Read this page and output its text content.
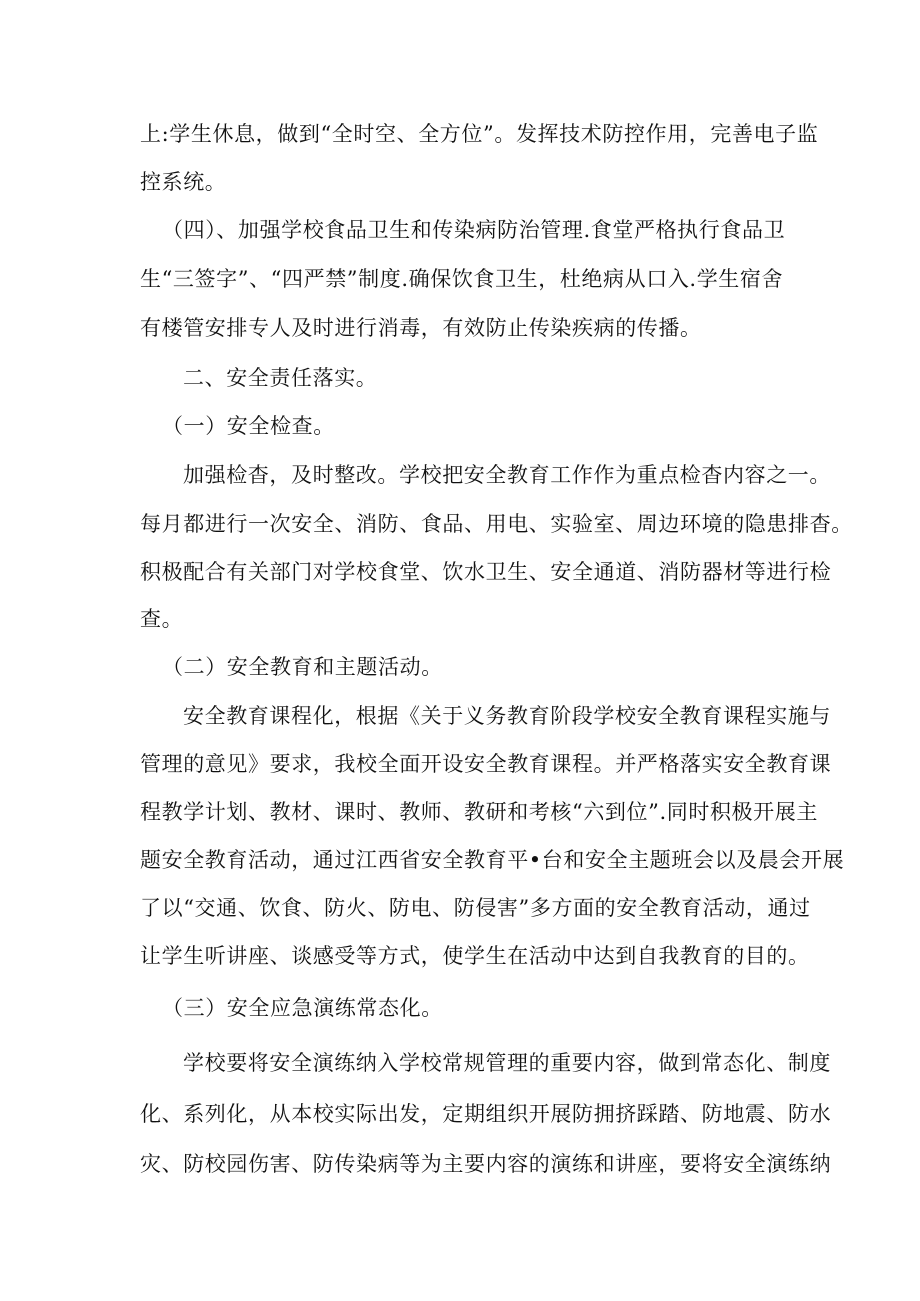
上:学生休息，做到“全时空、全方位”。发挥技术防控作用，完善电子监
控系统。
（四）、加强学校食品卫生和传染病防治管理.食堂严格执行食品卫
生“三签字”、“四严禁”制度.确保饮食卫生，杜绝病从口入.学生宿舍
有楼管安排专人及时进行消毒，有效防止传染疾病的传播。
二、安全责任落实。
（一）安全检查。
加强检杳，及时整改。学校把安全教育工作作为重点检杳内容之一。
每月都进行一次安全、消防、食品、用电、实验室、周边环境的隐患排杳。
积极配合有关部门对学校食堂、饮水卫生、安全通道、消防器材等进行检
查。
（二）安全教育和主题活动。
安全教育课程化，根据《关于义务教育阶段学校安全教育课程实施与
管理的意见》要求，我校全面开设安全教育课程。并严格落实安全教育课
程教学计划、教材、课时、教师、教研和考核“六到位”.同时积极开展主
题安全教育活动，通过江西省安全教育平•台和安全主题班会以及晨会开展
了以“交通、饮食、防火、防电、防侵害”多方面的安全教育活动，通过
让学生听讲座、谈感受等方式，使学生在活动中达到自我教育的目的。
（三）安全应急演练常态化。
学校要将安全演练纳入学校常规管理的重要内容，做到常态化、制度
化、系列化，从本校实际出发，定期组织开展防拥挤踩踏、防地震、防水
灾、防校园伤害、防传染病等为主要内容的演练和讲座，要将安全演练纳
